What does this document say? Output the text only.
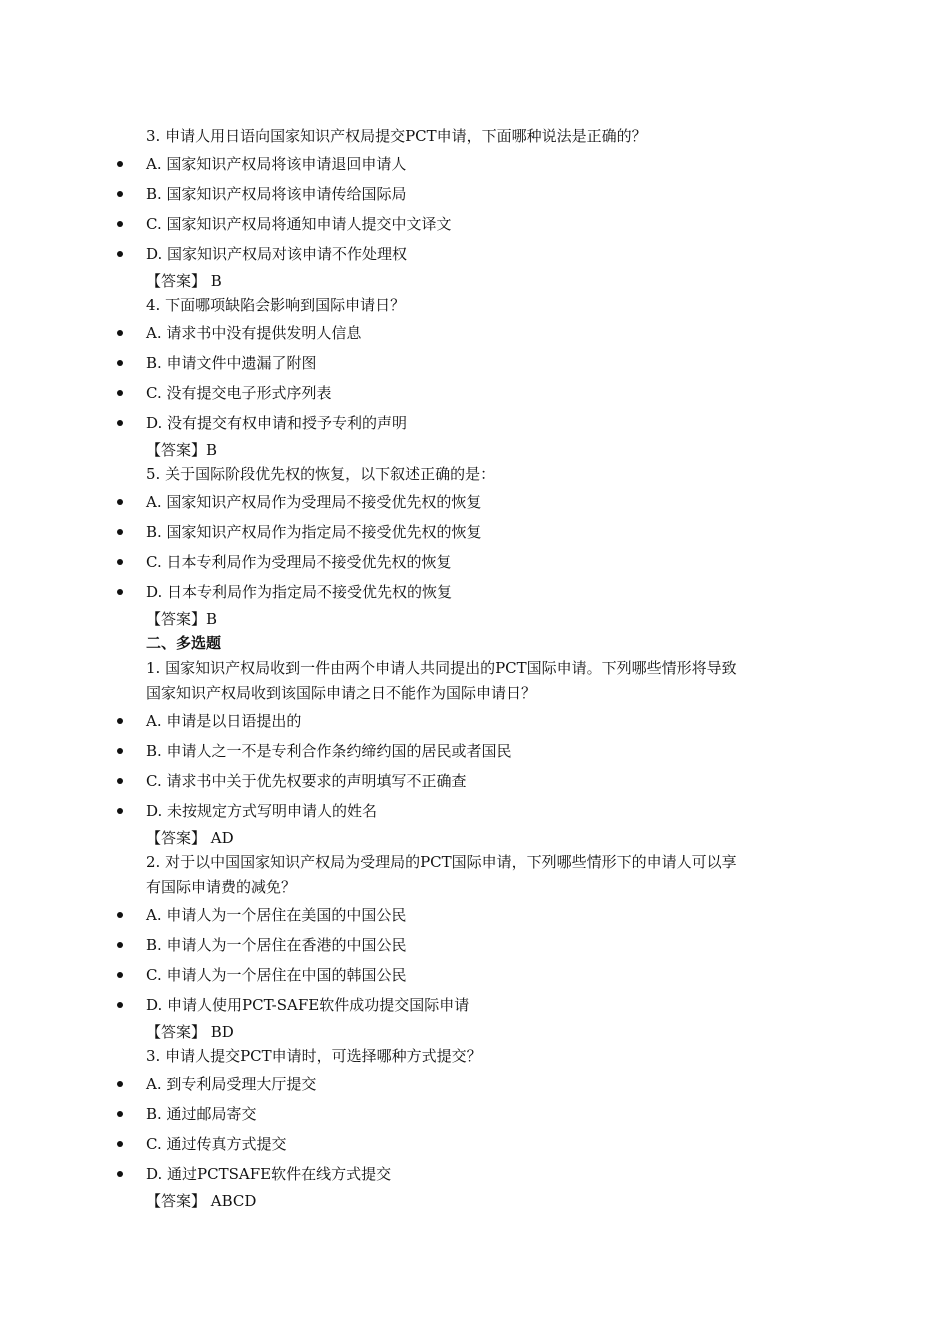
3. 申请人用日语向国家知识产权局提交PCT申请，下面哪种说法是正确的？
A. 国家知识产权局将该申请退回申请人
B. 国家知识产权局将该申请传给国际局
C. 国家知识产权局将通知申请人提交中文译文
D. 国家知识产权局对该申请不作处理权
【答案】 B
4. 下面哪项缺陷会影响到国际申请日？
A. 请求书中没有提供发明人信息
B. 申请文件中遗漏了附图
C. 没有提交电子形式序列表
D. 没有提交有权申请和授予专利的声明
【答案】B
5. 关于国际阶段优先权的恢复，以下叙述正确的是：
A. 国家知识产权局作为受理局不接受优先权的恢复
B. 国家知识产权局作为指定局不接受优先权的恢复
C. 日本专利局作为受理局不接受优先权的恢复
D. 日本专利局作为指定局不接受优先权的恢复
【答案】B
二、多选题
1. 国家知识产权局收到一件由两个申请人共同提出的PCT国际申请。下列哪些情形将导致
国家知识产权局收到该国际申请之日不能作为国际申请日？
A. 申请是以日语提出的
B. 申请人之一不是专利合作条约缔约国的居民或者国民
C. 请求书中关于优先权要求的声明填写不正确查
D. 未按规定方式写明申请人的姓名
【答案】 AD
2. 对于以中国国家知识产权局为受理局的PCT国际申请，下列哪些情形下的申请人可以享
有国际申请费的减免？
A. 申请人为一个居住在美国的中国公民
B. 申请人为一个居住在香港的中国公民
C. 申请人为一个居住在中国的韩国公民
D. 申请人使用PCT-SAFE软件成功提交国际申请
【答案】 BD
3. 申请人提交PCT申请时，可选择哪种方式提交？
A. 到专利局受理大厅提交
B. 通过邮局寄交
C. 通过传真方式提交
D. 通过PCTSAFE软件在线方式提交
【答案】 ABCD
